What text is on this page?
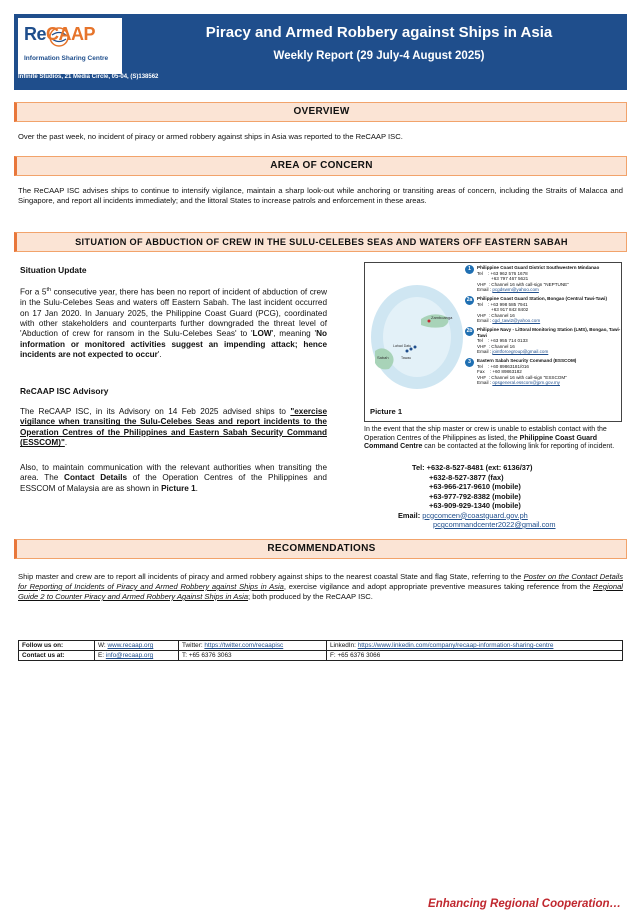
ReCAAP
Information Sharing Centre
Piracy and Armed Robbery against Ships in Asia
Weekly Report (29 July-4 August 2025)
Infinite Studios, 21 Media Circle, 05-04, (S)138562
OVERVIEW
Over the past week, no incident of piracy or armed robbery against ships in Asia was reported to the ReCAAP ISC.
AREA OF CONCERN
The ReCAAP ISC advises ships to continue to intensify vigilance, maintain a sharp look-out while anchoring or transiting areas of concern, including the Straits of Malacca and Singapore, and report all incidents immediately; and the littoral States to increase patrols and enforcement in these areas.
SITUATION OF ABDUCTION OF CREW IN THE SULU-CELEBES SEAS AND WATERS OFF EASTERN SABAH
Situation Update
For a 5th consecutive year, there has been no report of incident of abduction of crew in the Sulu-Celebes Seas and waters off Eastern Sabah. The last incident occurred on 17 Jan 2020. In January 2025, the Philippine Coast Guard (PCG), coordinated with other stakeholders and counterparts further downgraded the threat level of 'Abduction of crew for ransom in the Sulu-Celebes Seas' to 'LOW', meaning 'No information or monitored activities suggest an impending attack; hence incidents are not expected to occur'.
ReCAAP ISC Advisory
The ReCAAP ISC, in its Advisory on 14 Feb 2025 advised ships to "exercise vigilance when transiting the Sulu-Celebes Seas and report incidents to the Operation Centres of the Philippines and Eastern Sabah Security Command (ESSCOM)".
Also, to maintain communication with the relevant authorities when transiting the area. The Contact Details of the Operation Centres of the Philippines and ESSCOM of Malaysia are as shown in Picture 1.
Zamboanga
Sabah
Lahad Datu
Tawau
Picture 1
1	Philippine Coast Guard District Southwestern Mindanao
Tel    : +63 962 576 1678
+63 797 467 5621
VHF  : Channel 16 with call-sign "NEPTUNE"
Email : pcgdswm@yahoo.com
2a	Philippine Coast Guard Station, Bongao (Central Tawi-Tawi)
Tel    : +63 998 585 7941
+63 917 842 8402
VHF  : Channel 16
Email : cgd_tawi2@yahoo.com
2b Philippine Navy - Littoral Monitoring Station (LMS), Bongao, Tawi-Tawi
Tel    : +63 955 714 0133
VHF  : Channel 16
Email : jointforcegroup@gmail.com
3	Eastern Sabah Security Command (ESSCOM)
Tel    : +60 89863181/016
Fax    : +60 89863182
VHF  : Channel 16 with call-sign "ESSCOM"
Email : opsgeneral.esscom@jpm.gov.my
In the event that the ship master or crew is unable to establish contact with the Operation Centres of the Philippines as listed, the Philippine Coast Guard Command Centre can be contacted at the following link for reporting of incident.
Tel: +632-8-527-8481 (ext: 6136/37)
+632-8-527-3877 (fax)
+63-966-217-9610 (mobile)
+63-977-792-8382 (mobile)
+63-909-929-1340 (mobile)
Email: pcgcomcen@coastguard.gov.ph
pcgcommandcenter2022@gmail.com
RECOMMENDATIONS
Ship master and crew are to report all incidents of piracy and armed robbery against ships to the nearest coastal State and flag State, referring to the Poster on the Contact Details for Reporting of Incidents of Piracy and Armed Robbery against Ships in Asia, exercise vigilance and adopt appropriate preventive measures taking reference from the Regional Guide 2 to Counter Piracy and Armed Robbery Against Ships in Asia; both produced by the ReCAAP ISC.
Follow us on:	W: www.recaap.org	Twitter: https://twitter.com/recaapisc	LinkedIn: https://www.linkedin.com/company/recaap-information-sharing-centre
Contact us at:	E: info@recaap.org	T: +65 6376 3063	F: +65 6376 3066
Enhancing Regional Cooperation…
